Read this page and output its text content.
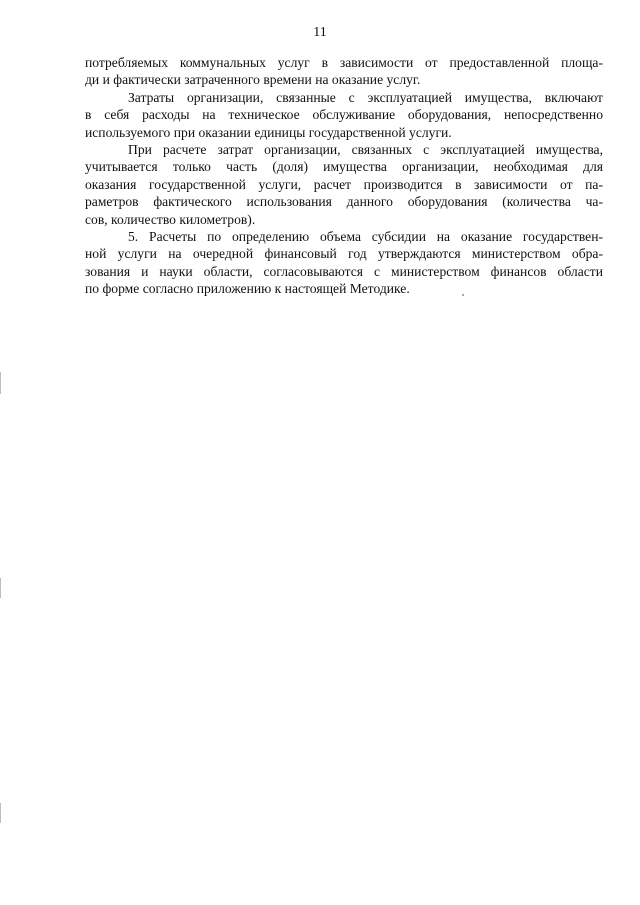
11
потребляемых коммунальных услуг в зависимости от предоставленной площа-
ди и фактически затраченного времени на оказание услуг.
Затраты организации, связанные с эксплуатацией имущества, включают
в себя расходы на техническое обслуживание оборудования, непосредственно
используемого при оказании единицы государственной услуги.
При расчете затрат организации, связанных с эксплуатацией имущества,
учитывается только часть (доля) имущества организации, необходимая для
оказания государственной услуги, расчет производится в зависимости от па-
раметров фактического использования данного оборудования (количества ча-
сов, количество километров).
5. Расчеты по определению объема субсидии на оказание государствен-
ной услуги на очередной финансовый год утверждаются министерством обра-
зования и науки области, согласовываются с министерством финансов области
по форме согласно приложению к настоящей Методике.
